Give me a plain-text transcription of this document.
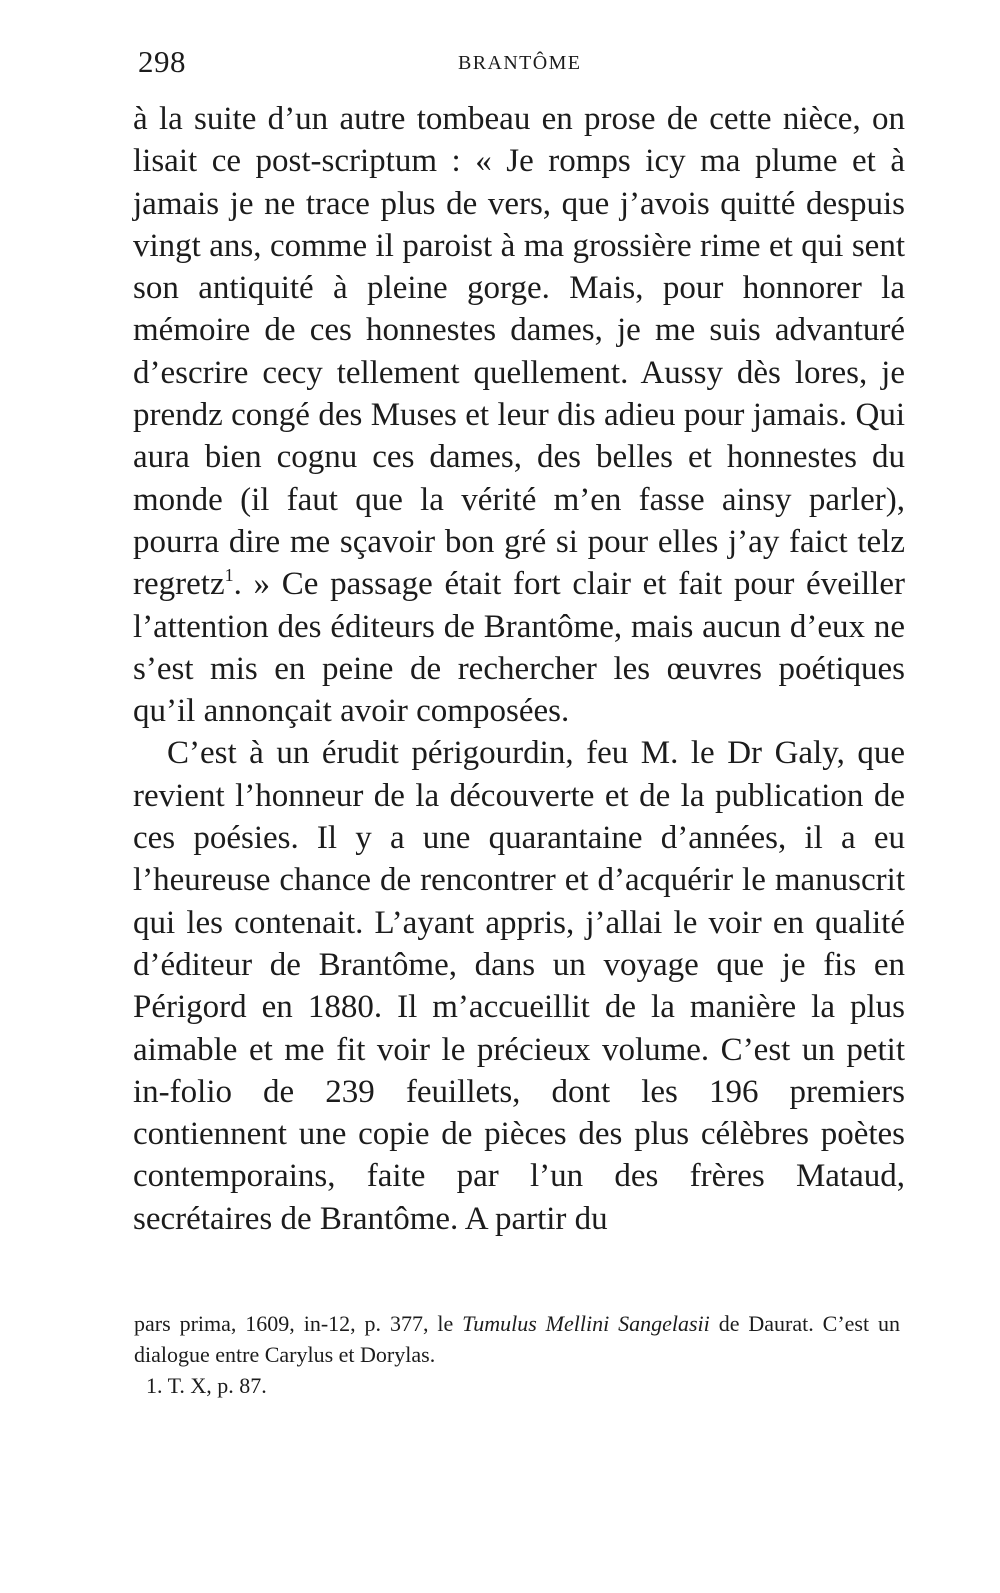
298	BRANTÔME

à la suite d’un autre tombeau en prose de cette nièce, on lisait ce post-scriptum : « Je romps icy ma plume et à jamais je ne trace plus de vers, que j’avois quitté despuis vingt ans, comme il paroist à ma grossière rime et qui sent son antiquité à pleine gorge. Mais, pour honnorer la mémoire de ces honnestes dames, je me suis advanturé d’escrire cecy tellement quellement. Aussy dès lores, je prendz congé des Muses et leur dis adieu pour jamais. Qui aura bien cognu ces dames, des belles et honnestes du monde (il faut que la vérité m’en fasse ainsy parler), pourra dire me sçavoir bon gré si pour elles j’ay faict telz regretz$^1$. » Ce passage était fort clair et fait pour éveiller l’attention des éditeurs de Brantôme, mais aucun d’eux ne s’est mis en peine de rechercher les œuvres poétiques qu’il annonçait avoir composées.

C’est à un érudit périgourdin, feu M. le Dr Galy, que revient l’honneur de la découverte et de la publication de ces poésies. Il y a une quarantaine d’années, il a eu l’heureuse chance de rencontrer et d’acquérir le manuscrit qui les contenait. L’ayant appris, j’allai le voir en qualité d’éditeur de Brantôme, dans un voyage que je fis en Périgord en 1880. Il m’accueillit de la manière la plus aimable et me fit voir le précieux volume. C’est un petit in-folio de 239 feuillets, dont les 196 premiers contiennent une copie de pièces des plus célèbres poètes contemporains, faite par l’un des frères Mataud, secrétaires de Brantôme. A partir du

pars prima, 1609, in-12, p. 377, le Tumulus Mellini Sangelasii de Daurat. C’est un dialogue entre Carylus et Dorylas.

1. T. X, p. 87.
